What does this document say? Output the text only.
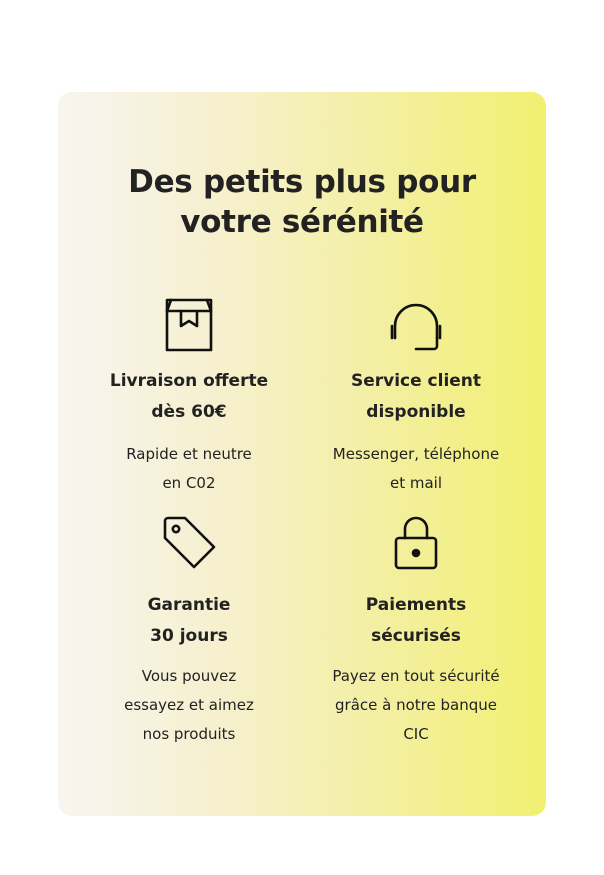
Des petits plus pour
votre sérénité
Livraison offerte
dès 60€
Rapide et neutre
en C02
Service client
disponible
Messenger, téléphone
et mail
Garantie
30 jours
Vous pouvez
essayez et aimez
nos produits
Paiements
sécurisés
Payez en tout sécurité
grâce à notre banque
CIC
